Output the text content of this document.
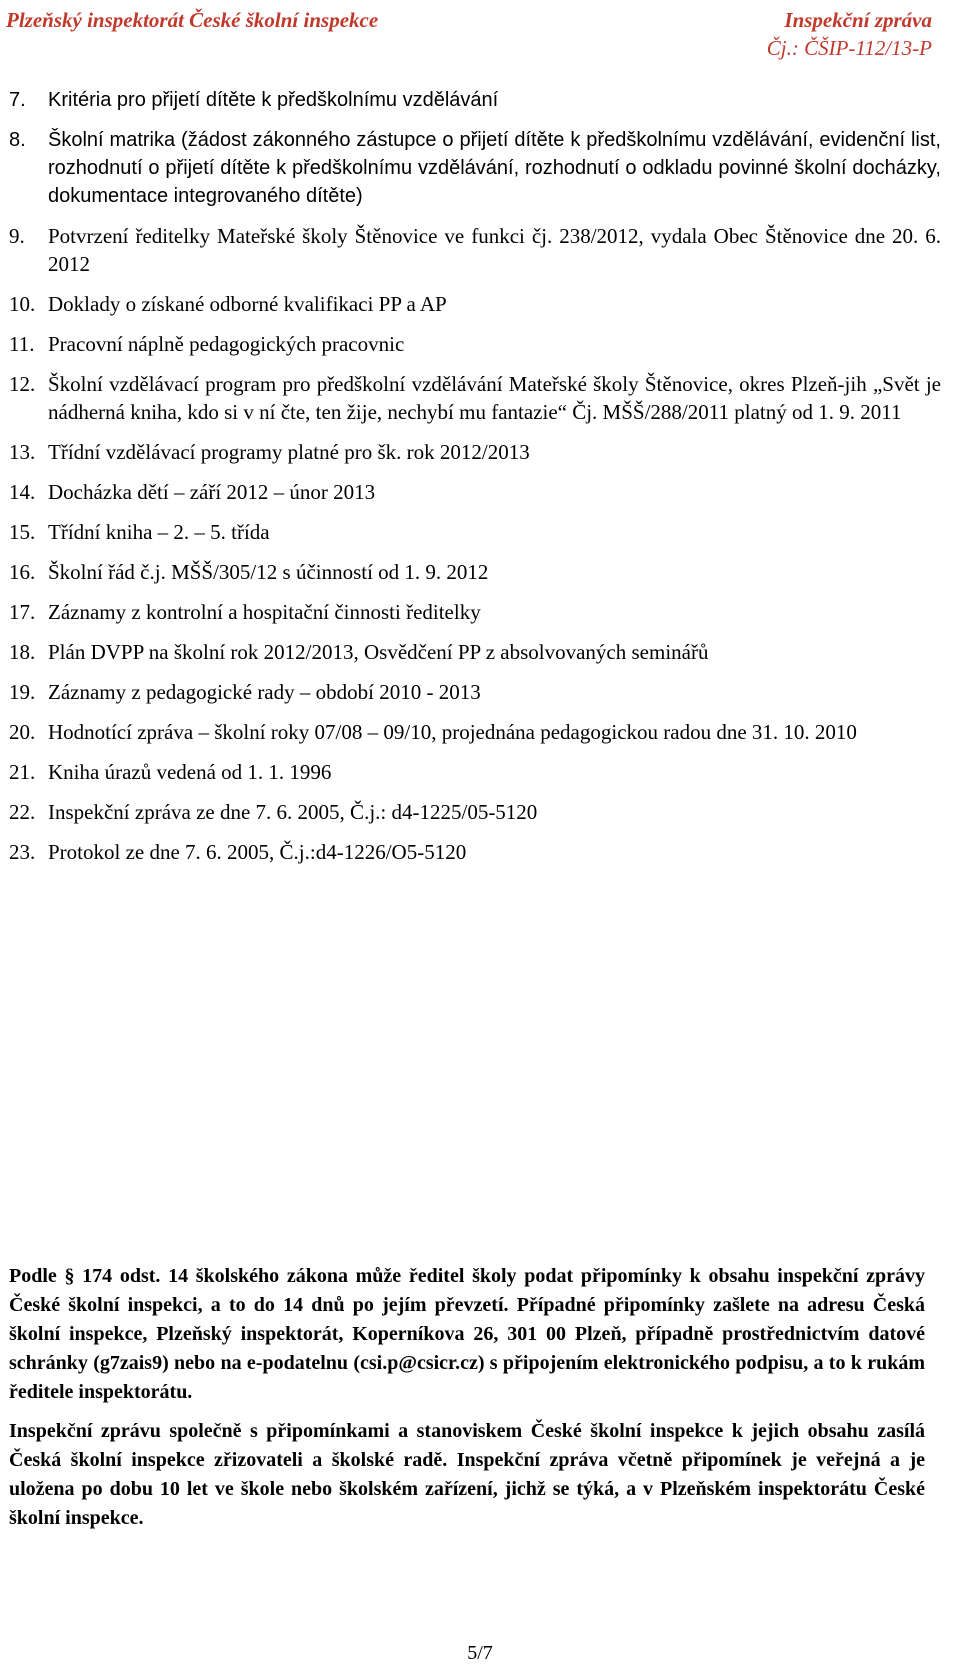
Plzeňský inspektorát České školní inspekce	Inspekční zpráva
Čj.: ČŠIP-112/13-P
7.	Kritéria pro přijetí dítěte k předškolnímu vzdělávání
8.	Školní matrika (žádost zákonného zástupce o přijetí dítěte k předškolnímu vzdělávání, evidenční list, rozhodnutí o přijetí dítěte k předškolnímu vzdělávání, rozhodnutí o odkladu povinné školní docházky, dokumentace integrovaného dítěte)
9.	Potvrzení ředitelky Mateřské školy Štěnovice ve funkci čj. 238/2012, vydala Obec Štěnovice dne 20. 6. 2012
10. Doklady o získané odborné kvalifikaci PP a AP
11. Pracovní náplně pedagogických pracovnic
12. Školní vzdělávací program pro předškolní vzdělávání Mateřské školy Štěnovice, okres Plzeň-jih „Svět je nádherná kniha, kdo si v ní čte, ten žije, nechybí mu fantazie“ Čj. MŠŠ/288/2011 platný od 1. 9. 2011
13. Třídní vzdělávací programy platné pro šk. rok 2012/2013
14. Docházka dětí – září 2012 – únor 2013
15. Třídní kniha – 2. – 5. třída
16. Školní řád č.j. MŠŠ/305/12 s účinností od 1. 9. 2012
17. Záznamy z kontrolní a hospitační činnosti ředitelky
18. Plán DVPP na školní rok 2012/2013, Osvědčení PP z absolvovaných seminářů
19. Záznamy z pedagogické rady – období 2010 - 2013
20. Hodnotící zpráva – školní roky 07/08 – 09/10, projednána pedagogickou radou dne 31. 10. 2010
21. Kniha úrazů vedená od 1. 1. 1996
22. Inspekční zpráva ze dne 7. 6. 2005, Č.j.: d4-1225/05-5120
23. Protokol ze dne 7. 6. 2005, Č.j.:d4-1226/O5-5120

Podle § 174 odst. 14 školského zákona může ředitel školy podat připomínky k obsahu inspekční zprávy České školní inspekci, a to do 14 dnů po jejím převzetí. Případné připomínky zašlete na adresu Česká školní inspekce, Plzeňský inspektorát, Koperníkova 26, 301 00 Plzeň, případně prostřednictvím datové schránky (g7zais9) nebo na e-podatelnu (csi.p@csicr.cz) s připojením elektronického podpisu, a to k rukám ředitele inspektorátu.

Inspekční zprávu společně s připomínkami a stanoviskem České školní inspekce k jejich obsahu zasílá Česká školní inspekce zřizovateli a školské radě. Inspekční zpráva včetně připomínek je veřejná a je uložena po dobu 10 let ve škole nebo školském zařízení, jichž se týká, a v Plzeňském inspektorátu České školní inspekce.

5/7
